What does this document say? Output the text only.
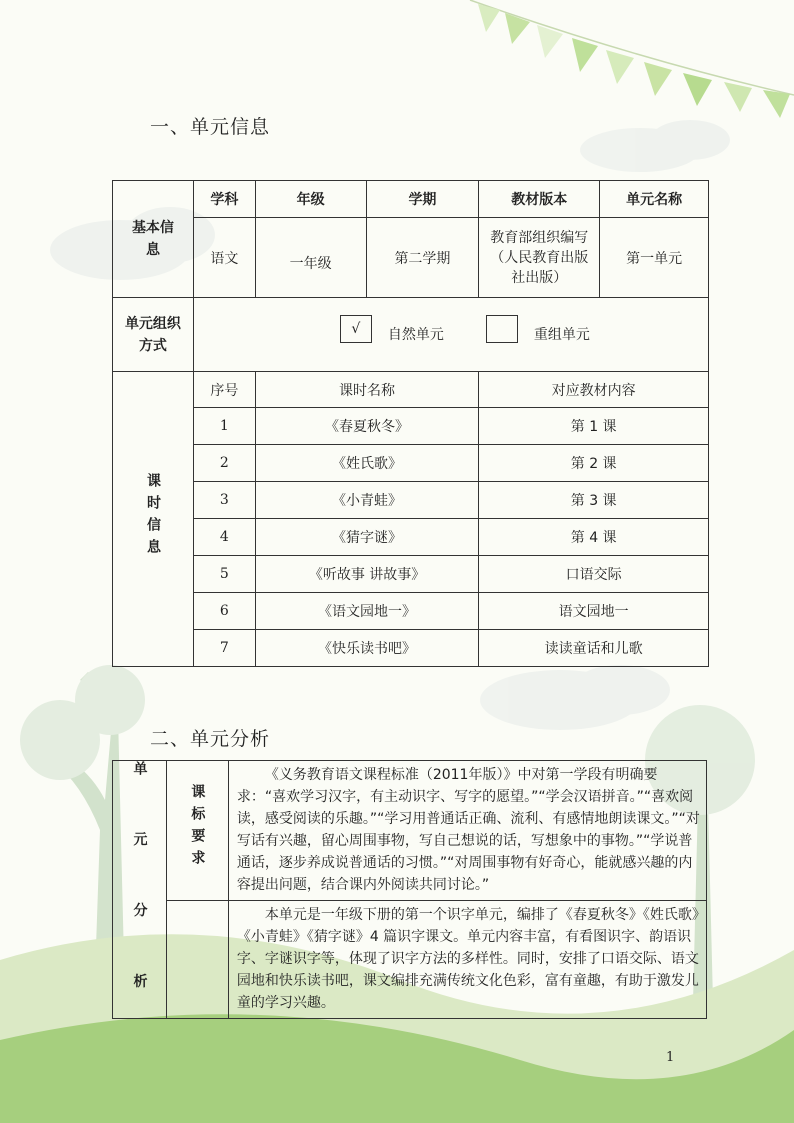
一、单元信息
基本信息	学科	年级	学期	教材版本	单元名称
	语文	一年级	第二学期	教育部组织编写（人民教育出版社出版）	第一单元
单元组织方式	√ 自然单元 重组单元				
课时信息	序号	课时名称		对应教材内容	
	1	《春夏秋冬》		第 1 课	
	2	《姓氏歌》		第 2 课	
	3	《小青蛙》		第 3 课	
	4	《猜字谜》		第 4 课	
	5	《听故事 讲故事》		口语交际	
	6	《语文园地一》		语文园地一	
	7	《快乐读书吧》		读读童话和儿歌	
二、单元分析
单 元 分 析	课标要求	《义务教育语文课程标准（2011年版）》中对第一学段有明确要求：“喜欢学习汉字，有主动识字、写字的愿望。”“学会汉语拼音。”“喜欢阅读，感受阅读的乐趣。”“学习用普通话正确、流利、有感情地朗读课文。”“对写话有兴趣，留心周围事物，写自己想说的话，写想象中的事物。”“学说普通话，逐步养成说普通话的习惯。”“对周围事物有好奇心，能就感兴趣的内容提出问题，结合课内外阅读共同讨论。”

		本单元是一年级下册的第一个识字单元，编排了《春夏秋冬》《姓氏歌》《小青蛙》《猜字谜》4 篇识字课文。单元内容丰富，有看图识字、韵语识字、字谜识字等，体现了识字方法的多样性。同时，安排了口语交际、语文园地和快乐读书吧，课文编排充满传统文化色彩，富有童趣，有助于激发儿童的学习兴趣。
1
